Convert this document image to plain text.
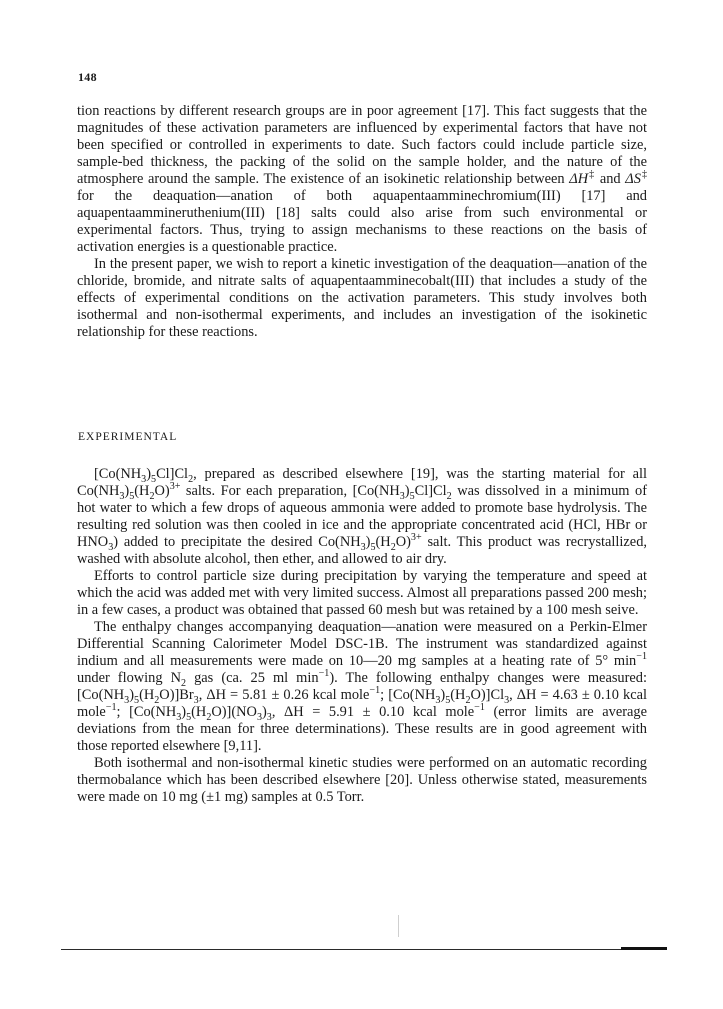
148

tion reactions by different research groups are in poor agreement [17]. This fact suggests that the magnitudes of these activation parameters are influenced by experimental factors that have not been specified or controlled in experiments to date. Such factors could include particle size, sample-bed thickness, the packing of the solid on the sample holder, and the nature of the atmosphere around the sample. The existence of an isokinetic relationship between ΔH‡ and ΔS‡ for the deaquation—anation of both aquapentaamminechromium(III) [17] and aquapentaammineruthenium(III) [18] salts could also arise from such environmental or experimental factors. Thus, trying to assign mechanisms to these reactions on the basis of activation energies is a questionable practice.

In the present paper, we wish to report a kinetic investigation of the deaquation—anation of the chloride, bromide, and nitrate salts of aquapentaamminecobalt(III) that includes a study of the effects of experimental conditions on the activation parameters. This study involves both isothermal and non-isothermal experiments, and includes an investigation of the isokinetic relationship for these reactions.

EXPERIMENTAL

$[Co(NH_3)_5Cl]Cl_2$, prepared as described elsewhere [19], was the starting material for all $Co(NH_3)_5(H_2O)^{3+}$ salts. For each preparation, $[Co(NH_3)_5Cl]Cl_2$ was dissolved in a minimum of hot water to which a few drops of aqueous ammonia were added to promote base hydrolysis. The resulting red solution was then cooled in ice and the appropriate concentrated acid (HCl, HBr or $HNO_3$) added to precipitate the desired $Co(NH_3)_5(H_2O)^{3+}$ salt. This product was recrystallized, washed with absolute alcohol, then ether, and allowed to air dry.

Efforts to control particle size during precipitation by varying the temperature and speed at which the acid was added met with very limited success. Almost all preparations passed 200 mesh; in a few cases, a product was obtained that passed 60 mesh but was retained by a 100 mesh seive.

The enthalpy changes accompanying deaquation—anation were measured on a Perkin-Elmer Differential Scanning Calorimeter Model DSC-1B. The instrument was standardized against indium and all measurements were made on 10—20 mg samples at a heating rate of 5° $\min^{-1}$ under flowing $N_2$ gas (ca. 25 ml $\min^{-1}$). The following enthalpy changes were measured: $[Co(NH_3)_5(H_2O)]Br_3$, ΔH = 5.81 ± 0.26 kcal mole$^{-1}$; $[Co(NH_3)_5(H_2O)]Cl_3$, ΔH = 4.63 ± 0.10 kcal mole$^{-1}$; $[Co(NH_3)_5(H_2O)](NO_3)_3$, ΔH = 5.91 ± 0.10 kcal mole$^{-1}$ (error limits are average deviations from the mean for three determinations). These results are in good agreement with those reported elsewhere [9,11].

Both isothermal and non-isothermal kinetic studies were performed on an automatic recording thermobalance which has been described elsewhere [20]. Unless otherwise stated, measurements were made on 10 mg (±1 mg) samples at 0.5 Torr.
